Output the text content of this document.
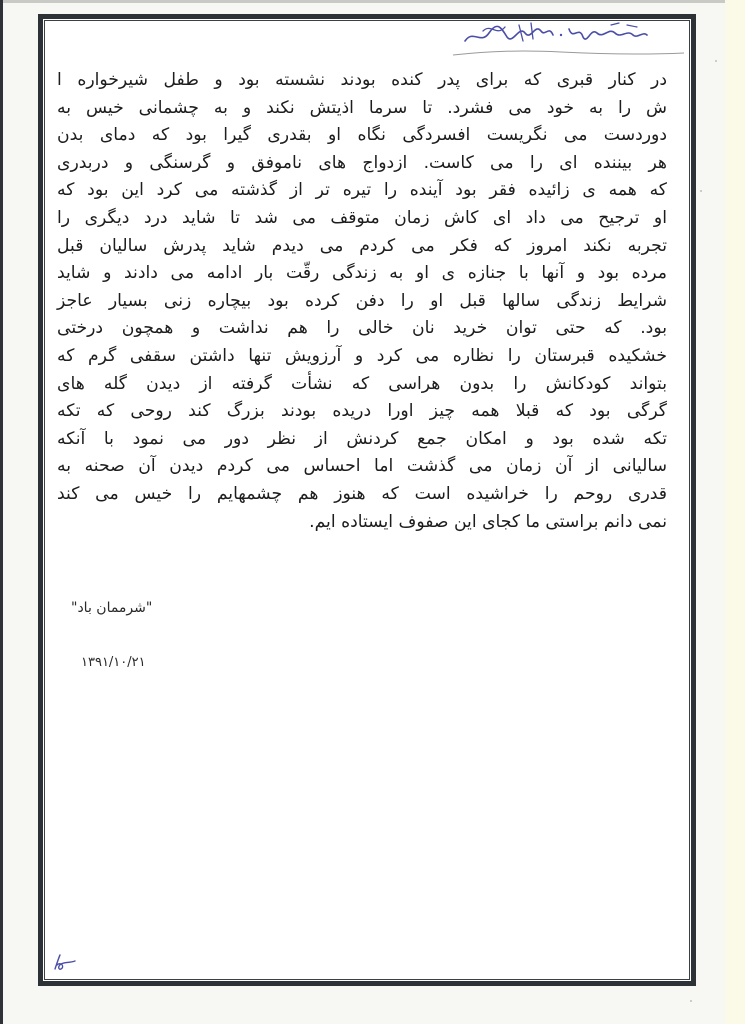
در کنار قبری که برای پدر کنده بودند نشسته بود و طفل شیرخواره ا
ش را به خود می فشرد. تا سرما اذیتش نکند و به چشمانی خیس به
دوردست می نگریست افسردگی نگاه او بقدری گیرا بود که دمای بدن
هر بیننده ای را می کاست. ازدواج های ناموفق و گرسنگی و دربدری
که همه ی زائیده فقر بود آینده را تیره تر از گذشته می کرد این بود که
او ترجیح می داد ای کاش زمان متوقف می شد تا شاید درد دیگری را
تجربه نکند امروز که فکر می کردم می دیدم شاید پدرش سالیان قبل
مرده بود و آنها با جنازه ی او به زندگی رقّت بار ادامه می دادند و شاید
شرایط زندگی سالها قبل او را دفن کرده بود بیچاره زنی بسیار عاجز
بود. که حتی توان خرید نان خالی را هم نداشت و همچون درختی
خشکیده قبرستان را نظاره می کرد و آرزویش تنها داشتن سقفی گرم که
بتواند کودکانش را بدون هراسی که نشأت گرفته از دیدن گله های
گرگی بود که قبلا همه چیز اورا دریده بودند بزرگ کند روحی که تکه
تکه شده بود و امکان جمع کردنش از نظر دور می نمود با آنکه
سالیانی از آن زمان می گذشت اما احساس می کردم دیدن آن صحنه به
قدری روحم را خراشیده است که هنوز هم چشمهایم را خیس می کند
نمی دانم براستی ما کجای این صفوف ایستاده ایم.
"شرممان باد"
۱۳۹۱/۱۰/۲۱
